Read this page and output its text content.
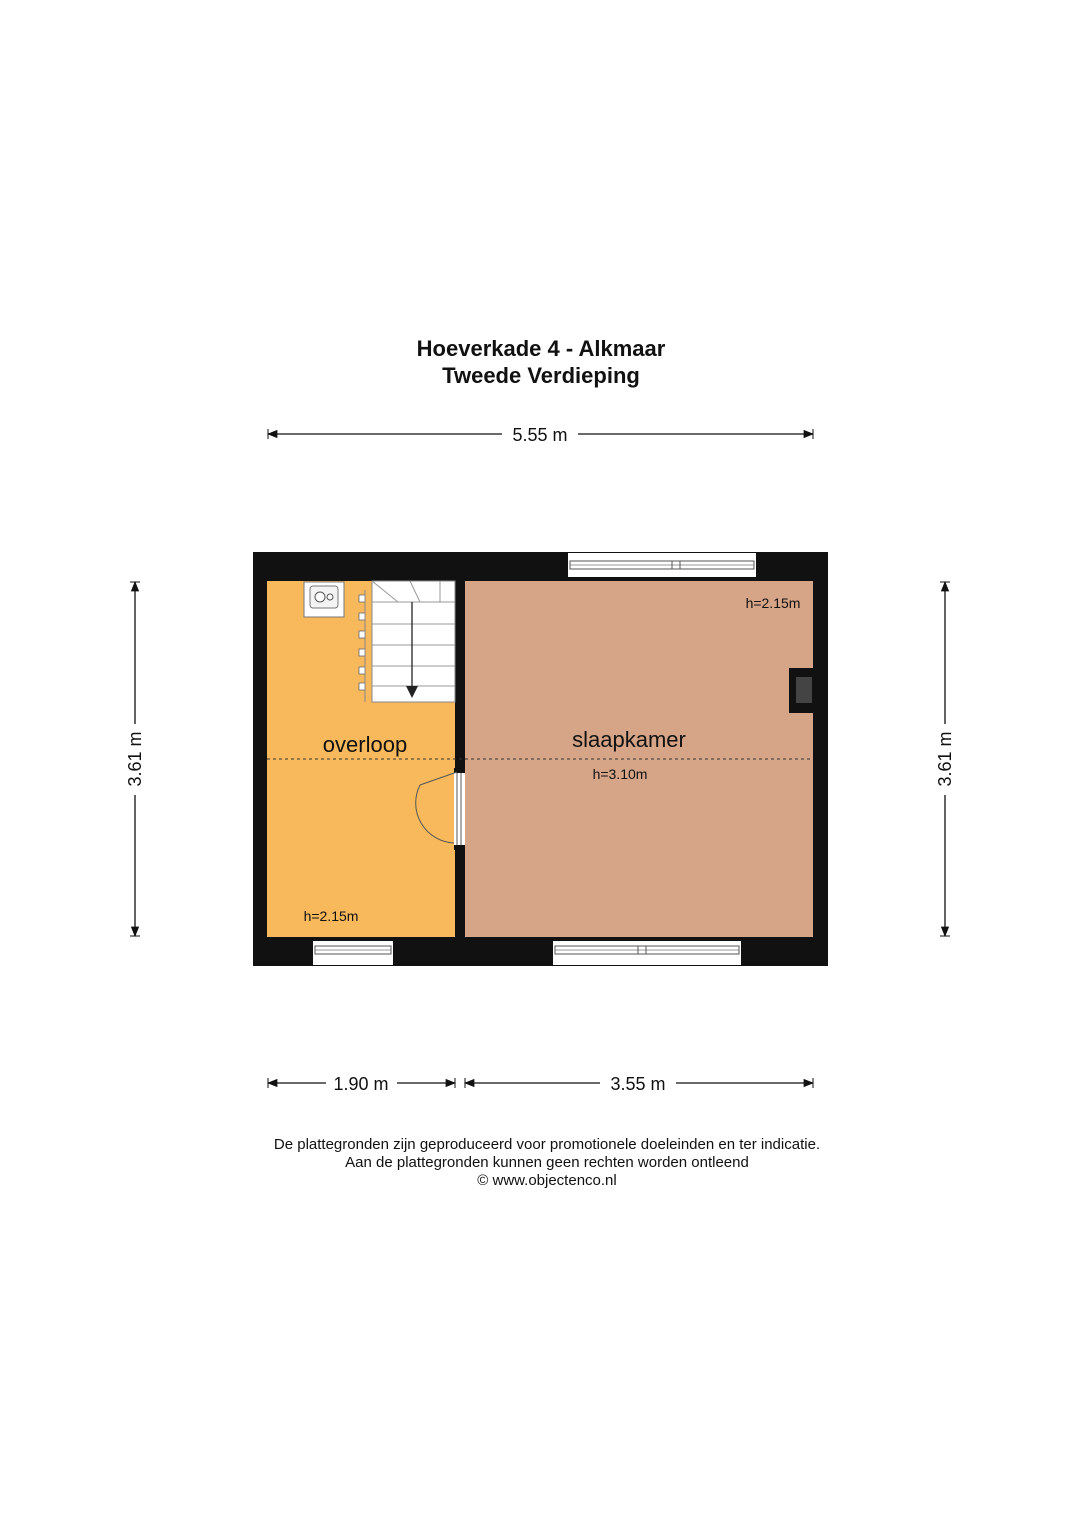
Hoeverkade 4 - Alkmaar
Tweede Verdieping
5.55 m
3.61 m	3.61 m
overloop	slaapkamer
h=2.15m
h=2.15m
h=3.10m
1.90 m	3.55 m
De plattegronden zijn geproduceerd voor promotionele doeleinden en ter indicatie.
Aan de plattegronden kunnen geen rechten worden ontleend
© www.objectenco.nl
